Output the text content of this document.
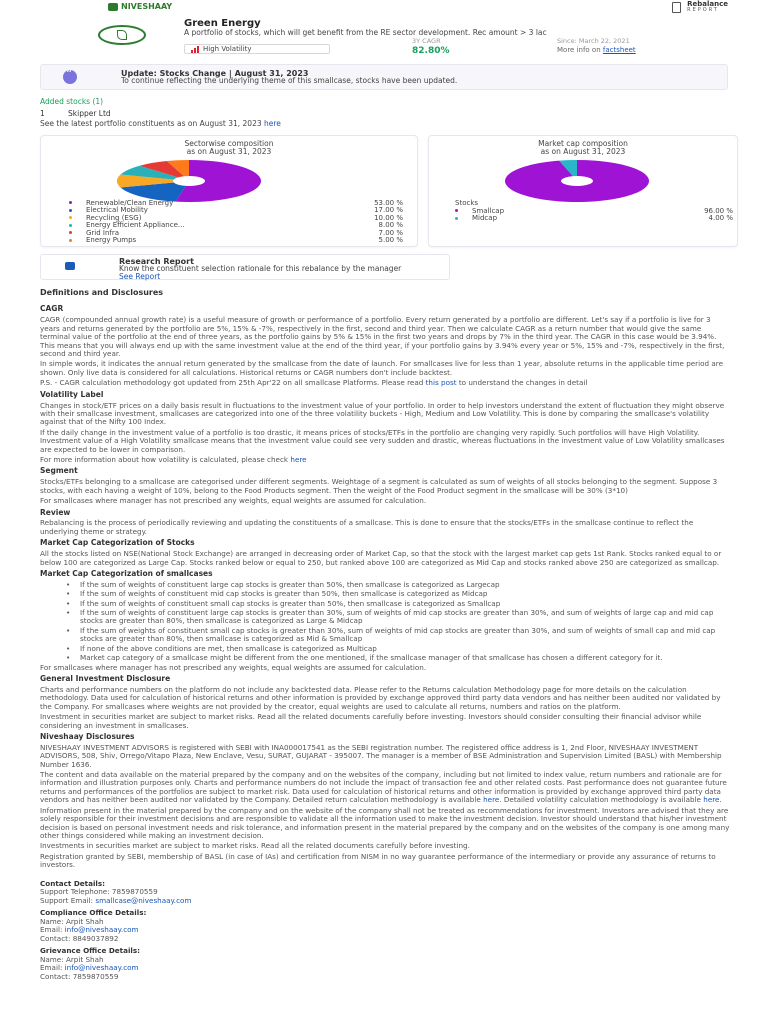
NIVESHAAY	Rebalance
REPORT
Green Energy
A portfolio of stocks, which will get benefit from the RE sector development. Rec amount > 3 lac
High Volatility
3Y CAGR
82.80%
Since: March 22, 2021
More info on factsheet
“
Update: Stocks Change | August 31, 2023
To continue reflecting the underlying theme of this smallcase, stocks have been updated.
Added stocks (1)
1	Skipper Ltd
See the latest portfolio constituents as on August 31, 2023 here
Sectorwise composition
as on August 31, 2023
Renewable/Clean Energy	53.00 %
Electrical Mobility	17.00 %
Recycling (ESG)	10.00 %
Energy Efficient Appliance...	8.00 %
Grid Infra	7.00 %
Energy Pumps	5.00 %
Market cap composition
as on August 31, 2023
Stocks
Smallcap	96.00 %
Midcap	4.00 %
Research Report
Know the constituent selection rationale for this rebalance by the manager
See Report
Definitions and Disclosures
CAGR

CAGR (compounded annual growth rate) is a useful measure of growth or performance of a portfolio. Every return generated by a portfolio are different. Let's say if a portfolio is live for 3 years and returns generated by the portfolio are 5%, 15% & -7%, respectively in the first, second and third year. Then we calculate CAGR as a return number that would give the same terminal value of the portfolio at the end of three years, as the portfolio gains by 5% & 15% in the first two years and drops by 7% in the third year. The CAGR in this case would be 3.94%. This means that you will always end up with the same investment value at the end of the third year, if your portfolio gains by 3.94% every year or 5%, 15% and -7%, respectively in the first, second and third year.

In simple words, it indicates the annual return generated by the smallcase from the date of launch. For smallcases live for less than 1 year, absolute returns in the applicable time period are shown. Only live data is considered for all calculations. Historical returns or CAGR numbers don't include backtest.

P.S. - CAGR calculation methodology got updated from 25th Apr'22 on all smallcase Platforms. Please read this post to understand the changes in detail

Volatility Label

Changes in stock/ETF prices on a daily basis result in fluctuations to the investment value of your portfolio. In order to help investors understand the extent of fluctuation they might observe with their smallcase investment, smallcases are categorized into one of the three volatility buckets - High, Medium and Low Volatility. This is done by comparing the smallcase's volatility against that of the Nifty 100 Index.

If the daily change in the investment value of a portfolio is too drastic, it means prices of stocks/ETFs in the portfolio are changing very rapidly. Such portfolios will have High Volatility. Investment value of a High Volatility smallcase means that the investment value could see very sudden and drastic, whereas fluctuations in the investment value of Low Volatility smallcases are expected to be lower in comparison.

For more information about how volatility is calculated, please check here

Segment

Stocks/ETFs belonging to a smallcase are categorised under different segments. Weightage of a segment is calculated as sum of weights of all stocks belonging to the segment. Suppose 3 stocks, with each having a weight of 10%, belong to the Food Products segment. Then the weight of the Food Product segment in the smallcase will be 30% (3*10)

For smallcases where manager has not prescribed any weights, equal weights are assumed for calculation.

Review

Rebalancing is the process of periodically reviewing and updating the constituents of a smallcase. This is done to ensure that the stocks/ETFs in the smallcase continue to reflect the underlying theme or strategy.

Market Cap Categorization of Stocks

All the stocks listed on NSE(National Stock Exchange) are arranged in decreasing order of Market Cap, so that the stock with the largest market cap gets 1st Rank. Stocks ranked equal to or below 100 are categorized as Large Cap. Stocks ranked below or equal to 250, but ranked above 100 are categorized as Mid Cap and stocks ranked above 250 are categorized as smallcap.

Market Cap Categorization of smallcases
• If the sum of weights of constituent large cap stocks is greater than 50%, then smallcase is categorized as Largecap
• If the sum of weights of constituent mid cap stocks is greater than 50%, then smallcase is categorized as Midcap
• If the sum of weights of constituent small cap stocks is greater than 50%, then smallcase is categorized as Smallcap
• If the sum of weights of constituent large cap stocks is greater than 30%, sum of weights of mid cap stocks are greater than 30%, and sum of weights of large cap and mid cap stocks are greater than 80%, then smallcase is categorized as Large & Midcap
• If the sum of weights of constituent small cap stocks is greater than 30%, sum of weights of mid cap stocks are greater than 30%, and sum of weights of small cap and mid cap stocks are greater than 80%, then smallcase is categorized as Mid & Smallcap
• If none of the above conditions are met, then smallcase is categorized as Multicap
• Market cap category of a smallcase might be different from the one mentioned, if the smallcase manager of that smallcase has chosen a different category for it.

For smallcases where manager has not prescribed any weights, equal weights are assumed for calculation.

General Investment Disclosure

Charts and performance numbers on the platform do not include any backtested data. Please refer to the Returns calculation Methodology page for more details on the calculation methodology. Data used for calculation of historical returns and other information is provided by exchange approved third party data vendors and has neither been audited nor validated by the Company. For smallcases where weights are not provided by the creator, equal weights are used to calculate all returns, numbers and ratios on the platform.

Investment in securities market are subject to market risks. Read all the related documents carefully before investing. Investors should consider consulting their financial advisor while considering an investment in smallcases.

Niveshaay Disclosures

NIVESHAAY INVESTMENT ADVISORS is registered with SEBI with INA000017541 as the SEBI registration number. The registered office address is 1, 2nd Floor, NIVESHAAY INVESTMENT ADVISORS, 508, Shiv, Orrego/Vitapo Plaza, New Enclave, Vesu, SURAT, GUJARAT - 395007. The manager is a member of BSE Administration and Supervision Limited (BASL) with Membership Number 1636.

The content and data available on the material prepared by the company and on the websites of the company, including but not limited to index value, return numbers and rationale are for information and illustration purposes only. Charts and performance numbers do not include the impact of transaction fee and other related costs. Past performance does not guarantee future returns and performances of the portfolios are subject to market risk. Data used for calculation of historical returns and other information is provided by exchange approved third party data vendors and has neither been audited nor validated by the Company. Detailed return calculation methodology is available here. Detailed volatility calculation methodology is available here.

Information present in the material prepared by the company and on the website of the company shall not be treated as recommendations for investment. Investors are advised that they are solely responsible for their investment decisions and are responsible to validate all the information used to make the investment decision. Investor should understand that his/her investment decision is based on personal investment needs and risk tolerance, and information present in the material prepared by the company and on the websites of the company is one among many other things considered while making an investment decision.

Investments in securities market are subject to market risks. Read all the related documents carefully before investing.

Registration granted by SEBI, membership of BASL (in case of IAs) and certification from NISM in no way guarantee performance of the intermediary or provide any assurance of returns to investors.

Contact Details:
Support Telephone: 7859870559
Support Email: smallcase@niveshaay.com
Compliance Office Details:
Name: Arpit Shah
Email: info@niveshaay.com
Contact: 8849037892
Grievance Office Details:
Name: Arpit Shah
Email: info@niveshaay.com
Contact: 7859870559
